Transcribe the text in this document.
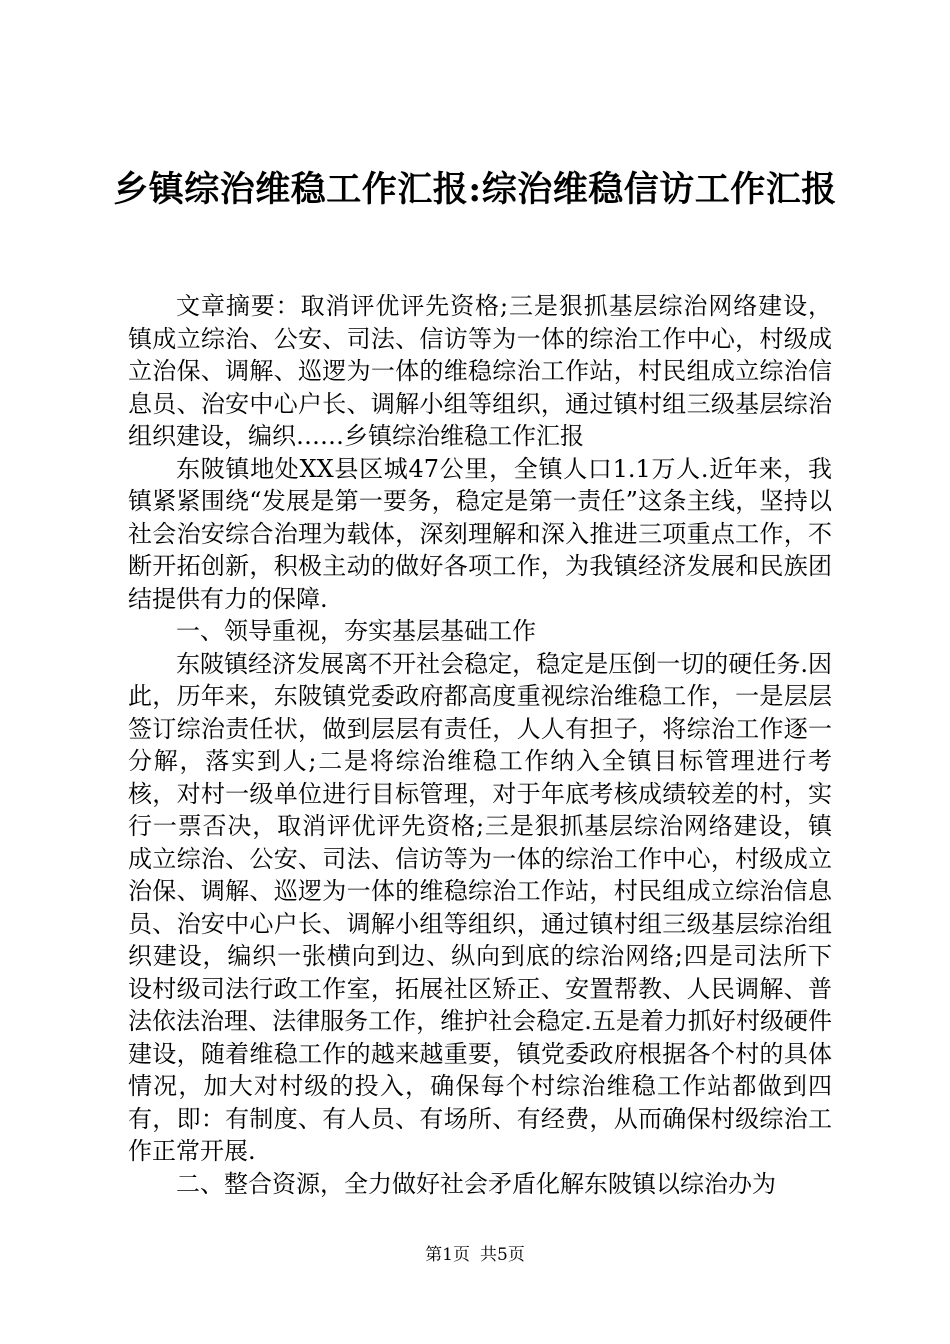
乡镇综治维稳工作汇报:综治维稳信访工作汇报

文章摘要：取消评优评先资格;三是狠抓基层综治网络建设，镇成立综治、公安、司法、信访等为一体的综治工作中心，村级成立治保、调解、巡逻为一体的维稳综治工作站，村民组成立综治信息员、治安中心户长、调解小组等组织，通过镇村组三级基层综治组织建设，编织……乡镇综治维稳工作汇报

东陂镇地处XX县区城47公里，全镇人口1.1万人.近年来，我镇紧紧围绕“发展是第一要务，稳定是第一责任”这条主线，坚持以社会治安综合治理为载体，深刻理解和深入推进三项重点工作，不断开拓创新，积极主动的做好各项工作，为我镇经济发展和民族团结提供有力的保障.

一、领导重视，夯实基层基础工作

东陂镇经济发展离不开社会稳定，稳定是压倒一切的硬任务.因此，历年来，东陂镇党委政府都高度重视综治维稳工作，一是层层签订综治责任状，做到层层有责任，人人有担子，将综治工作逐一分解，落实到人;二是将综治维稳工作纳入全镇目标管理进行考核，对村一级单位进行目标管理，对于年底考核成绩较差的村，实行一票否决，取消评优评先资格;三是狠抓基层综治网络建设，镇成立综治、公安、司法、信访等为一体的综治工作中心，村级成立治保、调解、巡逻为一体的维稳综治工作站，村民组成立综治信息员、治安中心户长、调解小组等组织，通过镇村组三级基层综治组织建设，编织一张横向到边、纵向到底的综治网络;四是司法所下设村级司法行政工作室，拓展社区矫正、安置帮教、人民调解、普法依法治理、法律服务工作，维护社会稳定.五是着力抓好村级硬件建设，随着维稳工作的越来越重要，镇党委政府根据各个村的具体情况，加大对村级的投入，确保每个村综治维稳工作站都做到四有，即：有制度、有人员、有场所、有经费，从而确保村级综治工作正常开展.

二、整合资源，全力做好社会矛盾化解东陂镇以综治办为

第1页 共5页
